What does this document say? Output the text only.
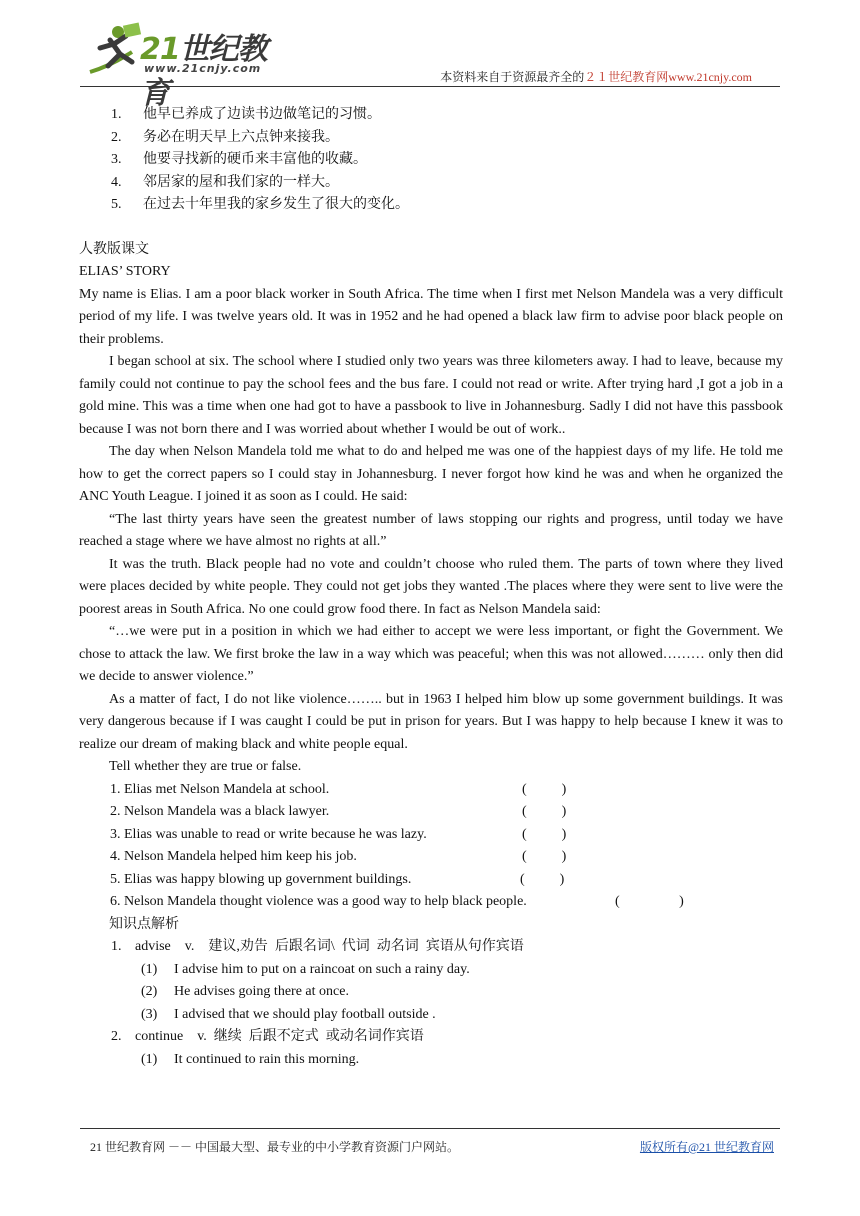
21世纪教育
www.21cnjy.com
本资料来自于资源最齐全的２１世纪教育网www.21cnjy.com
1. 他早已养成了边读书边做笔记的习惯。
2. 务必在明天早上六点钟来接我。
3. 他要寻找新的硬币来丰富他的收藏。
4. 邻居家的屋和我们家的一样大。
5. 在过去十年里我的家乡发生了很大的变化。

人教版课文

ELIAS’ STORY

My name is Elias. I am a poor black worker in South Africa. The time when I first met Nelson Mandela was a very difficult period of my life. I was twelve years old. It was in 1952 and he had opened a black law firm to advise poor black people on their problems.

I began school at six. The school where I studied only two years was three kilometers away. I had to leave, because my family could not continue to pay the school fees and the bus fare. I could not read or write. After trying hard ,I got a job in a gold mine. This was a time when one had got to have a passbook to live in Johannesburg. Sadly I did not have this passbook because I was not born there and I was worried about whether I would be out of work..

The day when Nelson Mandela told me what to do and helped me was one of the happiest days of my life. He told me how to get the correct papers so I could stay in Johannesburg. I never forgot how kind he was and when he organized the ANC Youth League. I joined it as soon as I could. He said:

“The last thirty years have seen the greatest number of laws stopping our rights and progress, until today we have reached a stage where we have almost no rights at all.”

It was the truth. Black people had no vote and couldn’t choose who ruled them. The parts of town where they lived were places decided by white people. They could not get jobs they wanted .The places where they were sent to live were the poorest areas in South Africa. No one could grow food there. In fact as Nelson Mandela said:

“…we were put in a position in which we had either to accept we were less important, or fight the Government. We chose to attack the law. We first broke the law in a way which was peaceful; when this was not allowed……… only then did we decide to answer violence.”

As a matter of fact, I do not like violence…….. but in 1963 I helped him blow up some government buildings. It was very dangerous because if I was caught I could be put in prison for years. But I was happy to help because I knew it was to realize our dream of making black and white people equal.

Tell whether they are true or false.

1. Elias met Nelson Mandela at school.	(          )
2. Nelson Mandela was a black lawyer.	(          )
3. Elias was unable to read or write because he was lazy.	(          )
4. Nelson Mandela helped him keep his job.	(          )
5. Elias was happy blowing up government buildings.	(          )
6. Nelson Mandela thought violence was a good way to help black people.	(                 )

知识点解析

1. advise    v.    建议,劝告  后跟名词\  代词  动名词  宾语从句作宾语
(1) I advise him to put on a raincoat on such a rainy day.
(2) He advises going there at once.
(3) I advised that we should play football outside .
2. continue    v.  继续  后跟不定式  或动名词作宾语
(1) It continued to rain this morning.
21 世纪教育网 －－ 中国最大型、最专业的中小学教育资源门户网站。	版权所有@21 世纪教育网
